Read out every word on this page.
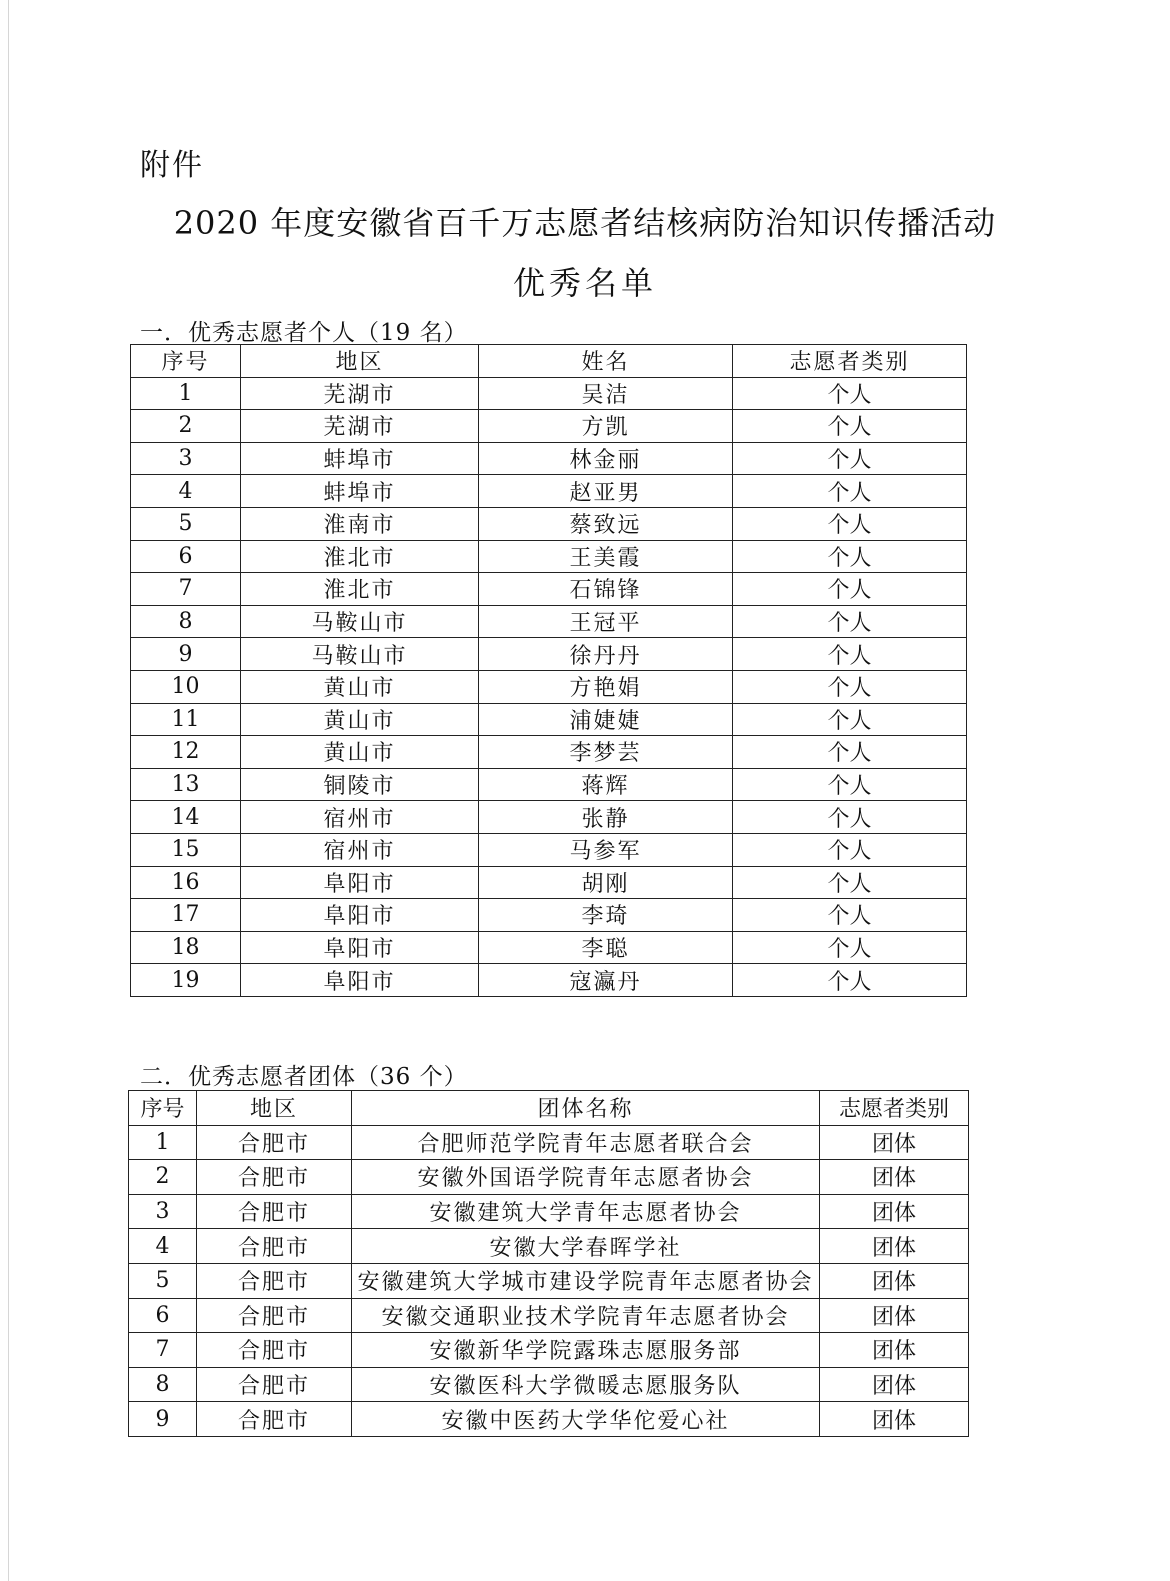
附件
2020 年度安徽省百千万志愿者结核病防治知识传播活动
优秀名单
一．优秀志愿者个人（19 名）
序号	地区	姓名	志愿者类别
1	芜湖市	吴洁	个人
2	芜湖市	方凯	个人
3	蚌埠市	林金丽	个人
4	蚌埠市	赵亚男	个人
5	淮南市	蔡致远	个人
6	淮北市	王美霞	个人
7	淮北市	石锦锋	个人
8	马鞍山市	王冠平	个人
9	马鞍山市	徐丹丹	个人
10	黄山市	方艳娟	个人
11	黄山市	浦婕婕	个人
12	黄山市	李梦芸	个人
13	铜陵市	蒋辉	个人
14	宿州市	张静	个人
15	宿州市	马参军	个人
16	阜阳市	胡刚	个人
17	阜阳市	李琦	个人
18	阜阳市	李聪	个人
19	阜阳市	寇瀛丹	个人
二．优秀志愿者团体（36 个）
序号	地区	团体名称	志愿者类别
1	合肥市	合肥师范学院青年志愿者联合会	团体
2	合肥市	安徽外国语学院青年志愿者协会	团体
3	合肥市	安徽建筑大学青年志愿者协会	团体
4	合肥市	安徽大学春晖学社	团体
5	合肥市	安徽建筑大学城市建设学院青年志愿者协会	团体
6	合肥市	安徽交通职业技术学院青年志愿者协会	团体
7	合肥市	安徽新华学院露珠志愿服务部	团体
8	合肥市	安徽医科大学微暖志愿服务队	团体
9	合肥市	安徽中医药大学华佗爱心社	团体
